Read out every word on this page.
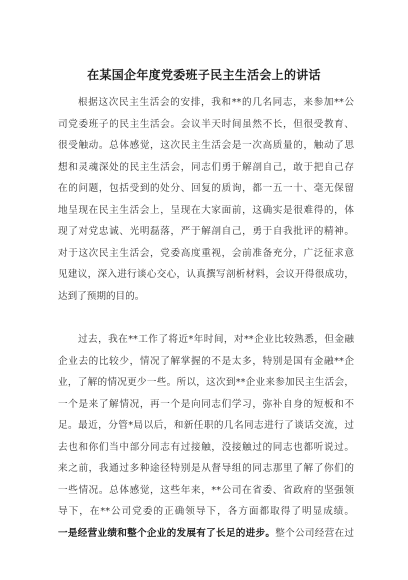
在某国企年度党委班子民主生活会上的讲话
根据这次民主生活会的安排，我和**的几名同志，来参加**公
司党委班子的民主生活会。会议半天时间虽然不长，但很受教育、
很受触动。总体感觉，这次民主生活会是一次高质量的，触动了思
想和灵魂深处的民主生活会，同志们勇于解剖自己，敢于把自己存
在的问题，包括受到的处分、回复的质询，都一五一十、毫无保留
地呈现在民主生活会上，呈现在大家面前，这确实是很难得的，体
现了对党忠诚、光明磊落，严于解剖自己，勇于自我批评的精神。
对于这次民主生活会，党委高度重视，会前准备充分，广泛征求意
见建议，深入进行谈心交心，认真撰写剖析材料，会议开得很成功，
达到了预期的目的。
过去，我在**工作了将近*年时间，对**企业比较熟悉，但金融
企业去的比较少，情况了解掌握的不是太多，特别是国有金融**企
业，了解的情况更少一些。所以，这次到**企业来参加民主生活会，
一个是来了解情况，再一个是向同志们学习，弥补自身的短板和不
足。最近，分管*局以后，和新任职的几名同志进行了谈话交流，过
去也和你们当中部分同志有过接触，没接触过的同志也都听说过。
来之前，我通过多种途径特别是从督导组的同志那里了解了你们的
一些情况。总体感觉，这些年来，**公司在省委、省政府的坚强领
导下，在**公司党委的正确领导下，各方面都取得了明显成绩。
一是经营业绩和整个企业的发展有了长足的进步。整个公司经营在过
